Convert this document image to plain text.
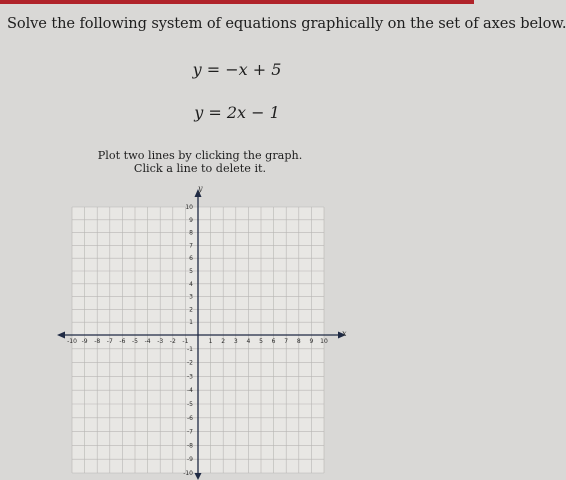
Solve the following system of equations graphically on the set of axes below.
y = −x + 5
y = 2x − 1
Plot two lines by clicking the graph.
Click a line to delete it.
-10 -9 -8 -7 -6 -5 -4 -3 -2 -1	1 2 3 4 5 6 7 8 9 10
10
9
8
7
6
5
4
3
2
1
-1
-2
-3
-4
-5
-6
-7
-8
-9
-10
x
y
